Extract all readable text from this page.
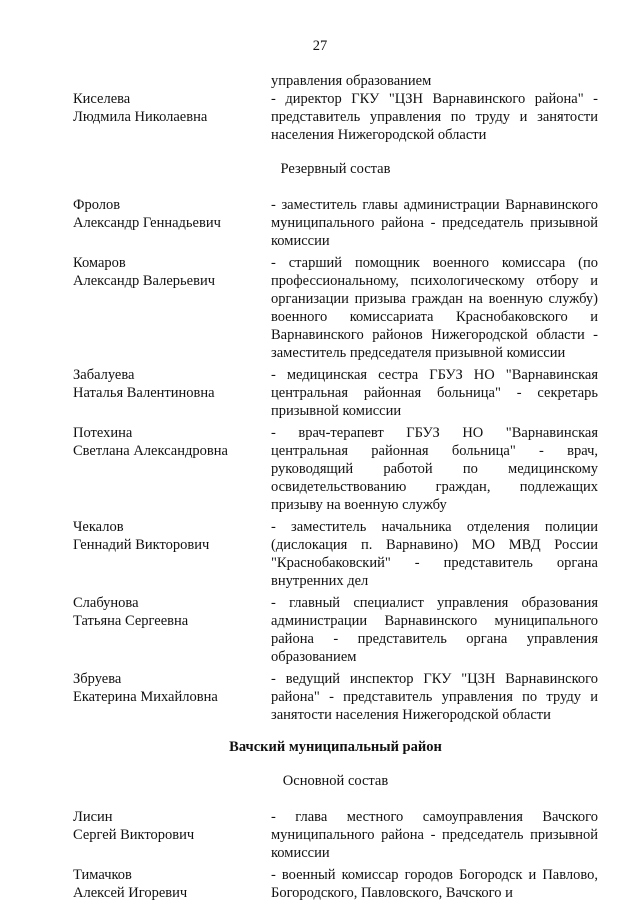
27
Киселева
Людмила Николаевна
управления образованием
- директор ГКУ "ЦЗН Варнавинского района" - представитель управления по труду и занятости населения Нижегородской области
Резервный состав
Фролов
Александр Геннадьевич
- заместитель главы администрации Варнавинского муниципального района - председатель призывной комиссии
Комаров
Александр Валерьевич
- старший помощник военного комиссара (по профессиональному, психологическому отбору и организации призыва граждан на военную службу) военного комиссариата Краснобаковского и Варнавинского районов Нижегородской области - заместитель председателя призывной комиссии
Забалуева
Наталья Валентиновна
- медицинская сестра ГБУЗ НО "Варнавинская центральная районная больница" - секретарь призывной комиссии
Потехина
Светлана Александровна
- врач-терапевт ГБУЗ НО "Варнавинская центральная районная больница" - врач, руководящий работой по медицинскому освидетельствованию граждан, подлежащих призыву на военную службу
Чекалов
Геннадий Викторович
- заместитель начальника отделения полиции (дислокация п. Варнавино) МО МВД России "Краснобаковский" - представитель органа внутренних дел
Слабунова
Татьяна Сергеевна
- главный специалист управления образования администрации Варнавинского муниципального района - представитель органа управления образованием
Збруева
Екатерина Михайловна
- ведущий инспектор ГКУ "ЦЗН Варнавинского района" - представитель управления по труду и занятости населения Нижегородской области
Вачский муниципальный район
Основной состав
Лисин
Сергей Викторович
- глава местного самоуправления Вачского муниципального района - председатель призывной комиссии
Тимачков
Алексей Игоревич
- военный комиссар городов Богородск и Павлово, Богородского, Павловского, Вачского и
